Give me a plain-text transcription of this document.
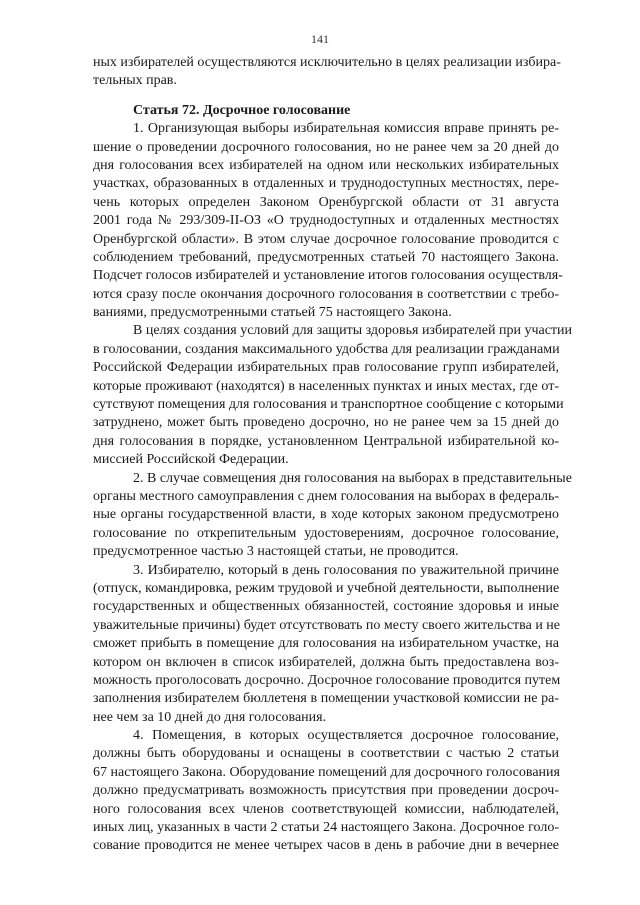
141
ных избирателей осуществляются исключительно в целях реализации избира-
тельных прав.
Статья 72. Досрочное голосование
1. Организующая выборы избирательная комиссия вправе принять ре-
шение о проведении досрочного голосования, но не ранее чем за 20 дней до
дня голосования всех избирателей на одном или нескольких избирательных
участках, образованных в отдаленных и труднодоступных местностях, пере-
чень которых определен Законом Оренбургской области от 31 августа
2001 года № 293/309-II-ОЗ «О труднодоступных и отдаленных местностях
Оренбургской области». В этом случае досрочное голосование проводится с
соблюдением требований, предусмотренных статьей 70 настоящего Закона.
Подсчет голосов избирателей и установление итогов голосования осуществля-
ются сразу после окончания досрочного голосования в соответствии с требо-
ваниями, предусмотренными статьей 75 настоящего Закона.
В целях создания условий для защиты здоровья избирателей при участии
в голосовании, создания максимального удобства для реализации гражданами
Российской Федерации избирательных прав голосование групп избирателей,
которые проживают (находятся) в населенных пунктах и иных местах, где от-
сутствуют помещения для голосования и транспортное сообщение с которыми
затруднено, может быть проведено досрочно, но не ранее чем за 15 дней до
дня голосования в порядке, установленном Центральной избирательной ко-
миссией Российской Федерации.
2. В случае совмещения дня голосования на выборах в представительные
органы местного самоуправления с днем голосования на выборах в федераль-
ные органы государственной власти, в ходе которых законом предусмотрено
голосование по открепительным удостоверениям, досрочное голосование,
предусмотренное частью 3 настоящей статьи, не проводится.
3. Избирателю, который в день голосования по уважительной причине
(отпуск, командировка, режим трудовой и учебной деятельности, выполнение
государственных и общественных обязанностей, состояние здоровья и иные
уважительные причины) будет отсутствовать по месту своего жительства и не
сможет прибыть в помещение для голосования на избирательном участке, на
котором он включен в список избирателей, должна быть предоставлена воз-
можность проголосовать досрочно. Досрочное голосование проводится путем
заполнения избирателем бюллетеня в помещении участковой комиссии не ра-
нее чем за 10 дней до дня голосования.
4. Помещения, в которых осуществляется досрочное голосование,
должны быть оборудованы и оснащены в соответствии с частью 2 статьи
67 настоящего Закона. Оборудование помещений для досрочного голосования
должно предусматривать возможность присутствия при проведении досроч-
ного голосования всех членов соответствующей комиссии, наблюдателей,
иных лиц, указанных в части 2 статьи 24 настоящего Закона. Досрочное голо-
сование проводится не менее четырех часов в день в рабочие дни в вечернее
